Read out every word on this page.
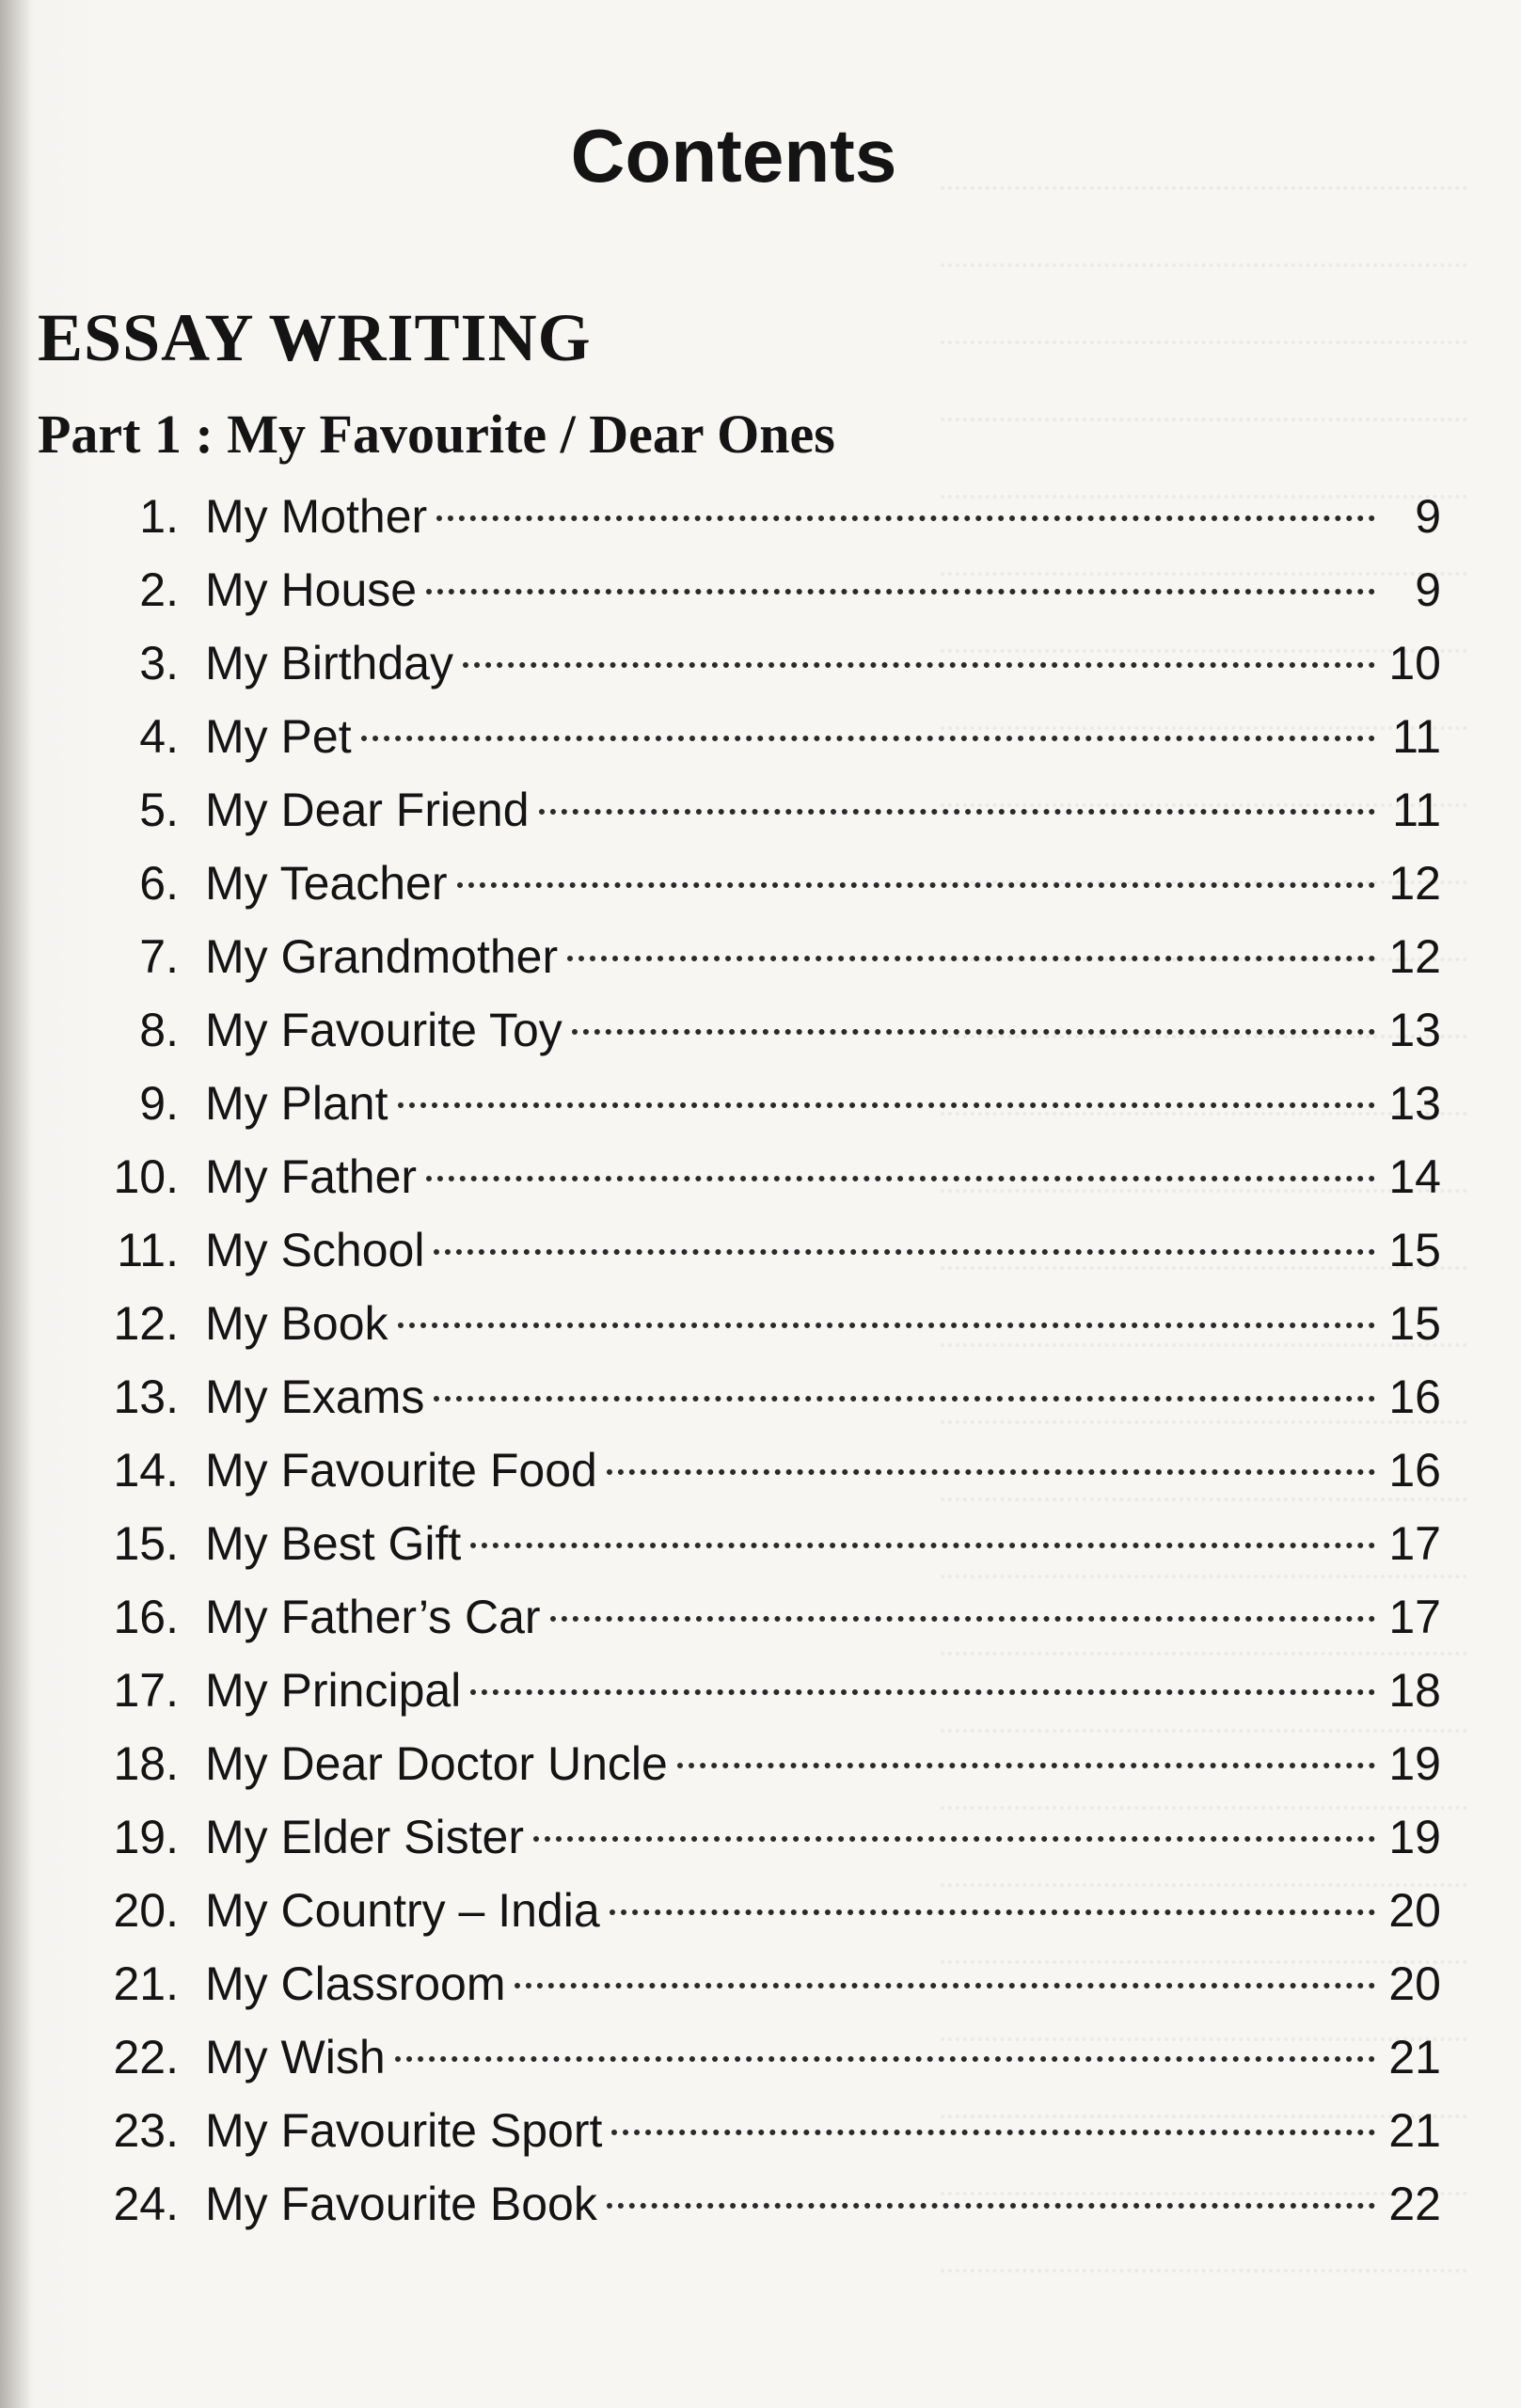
Contents
ESSAY WRITING
Part 1 : My Favourite / Dear Ones
1. My Mother	9
2. My House	9
3. My Birthday	10
4. My Pet	11
5. My Dear Friend	11
6. My Teacher	12
7. My Grandmother	12
8. My Favourite Toy	13
9. My Plant	13
10. My Father	14
11. My School	15
12. My Book	15
13. My Exams	16
14. My Favourite Food	16
15. My Best Gift	17
16. My Father’s Car	17
17. My Principal	18
18. My Dear Doctor Uncle	19
19. My Elder Sister	19
20. My Country – India	20
21. My Classroom	20
22. My Wish	21
23. My Favourite Sport	21
24. My Favourite Book	22
